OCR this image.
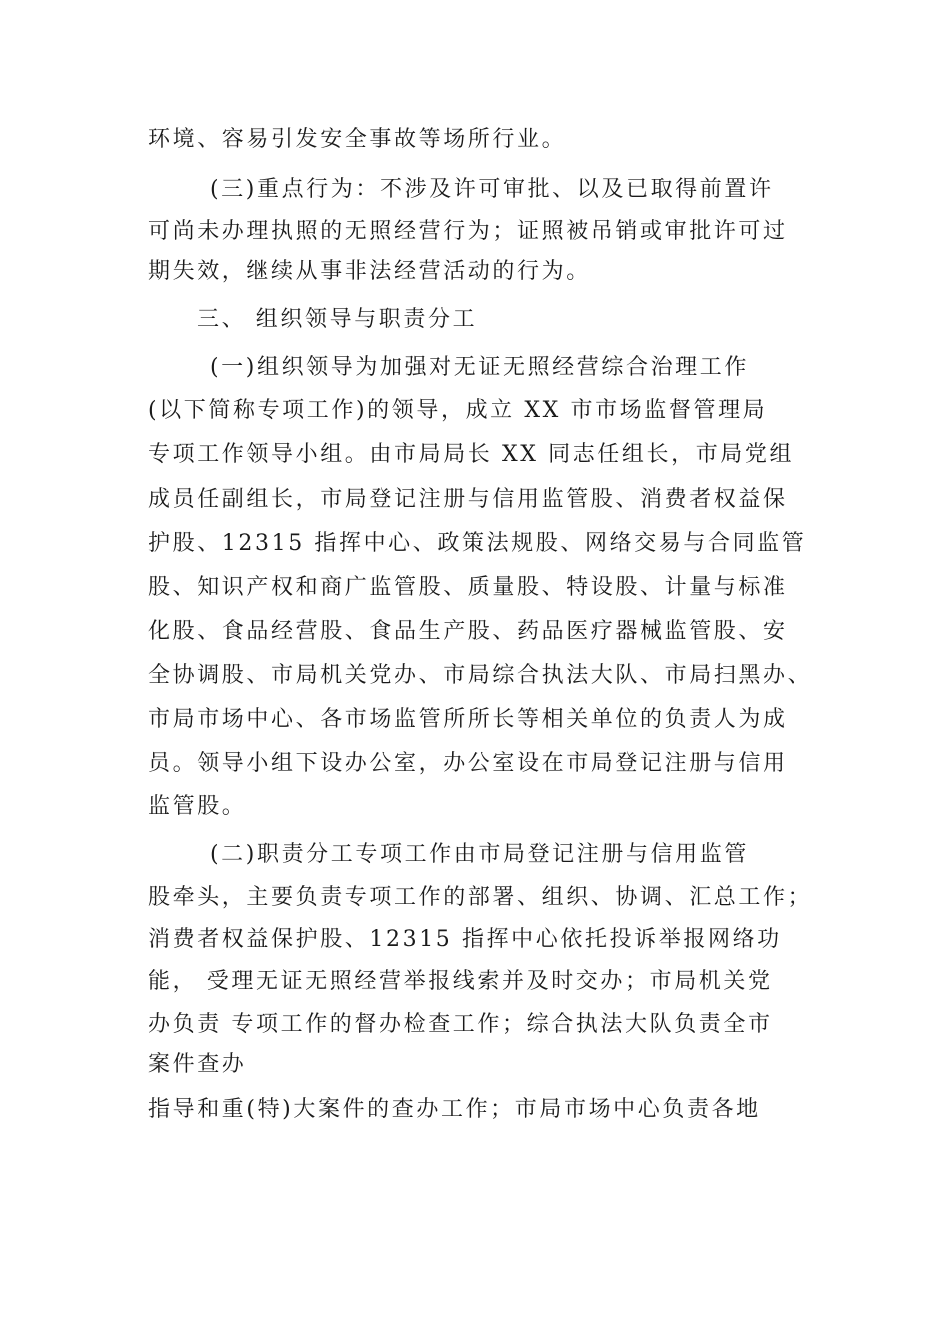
环境、容易引发安全事故等场所行业。

(三)重点行为：不涉及许可审批、以及已取得前置许

可尚未办理执照的无照经营行为；证照被吊销或审批许可过

期失效，继续从事非法经营活动的行为。

三、 组织领导与职责分工

(一)组织领导为加强对无证无照经营综合治理工作

(以下简称专项工作)的领导，成立 XX 市市场监督管理局

专项工作领导小组。由市局局长 XX 同志任组长，市局党组

成员任副组长，市局登记注册与信用监管股、消费者权益保

护股、12315 指挥中心、政策法规股、网络交易与合同监管

股、知识产权和商广监管股、质量股、特设股、计量与标准

化股、食品经营股、食品生产股、药品医疗器械监管股、安

全协调股、市局机关党办、市局综合执法大队、市局扫黑办、

市局市场中心、各市场监管所所长等相关单位的负责人为成

员。领导小组下设办公室，办公室设在市局登记注册与信用

监管股。

(二)职责分工专项工作由市局登记注册与信用监管

股牵头，主要负责专项工作的部署、组织、协调、汇总工作；

消费者权益保护股、12315 指挥中心依托投诉举报网络功

能， 受理无证无照经营举报线索并及时交办；市局机关党

办负责 专项工作的督办检查工作；综合执法大队负责全市

案件查办

指导和重(特)大案件的查办工作；市局市场中心负责各地
